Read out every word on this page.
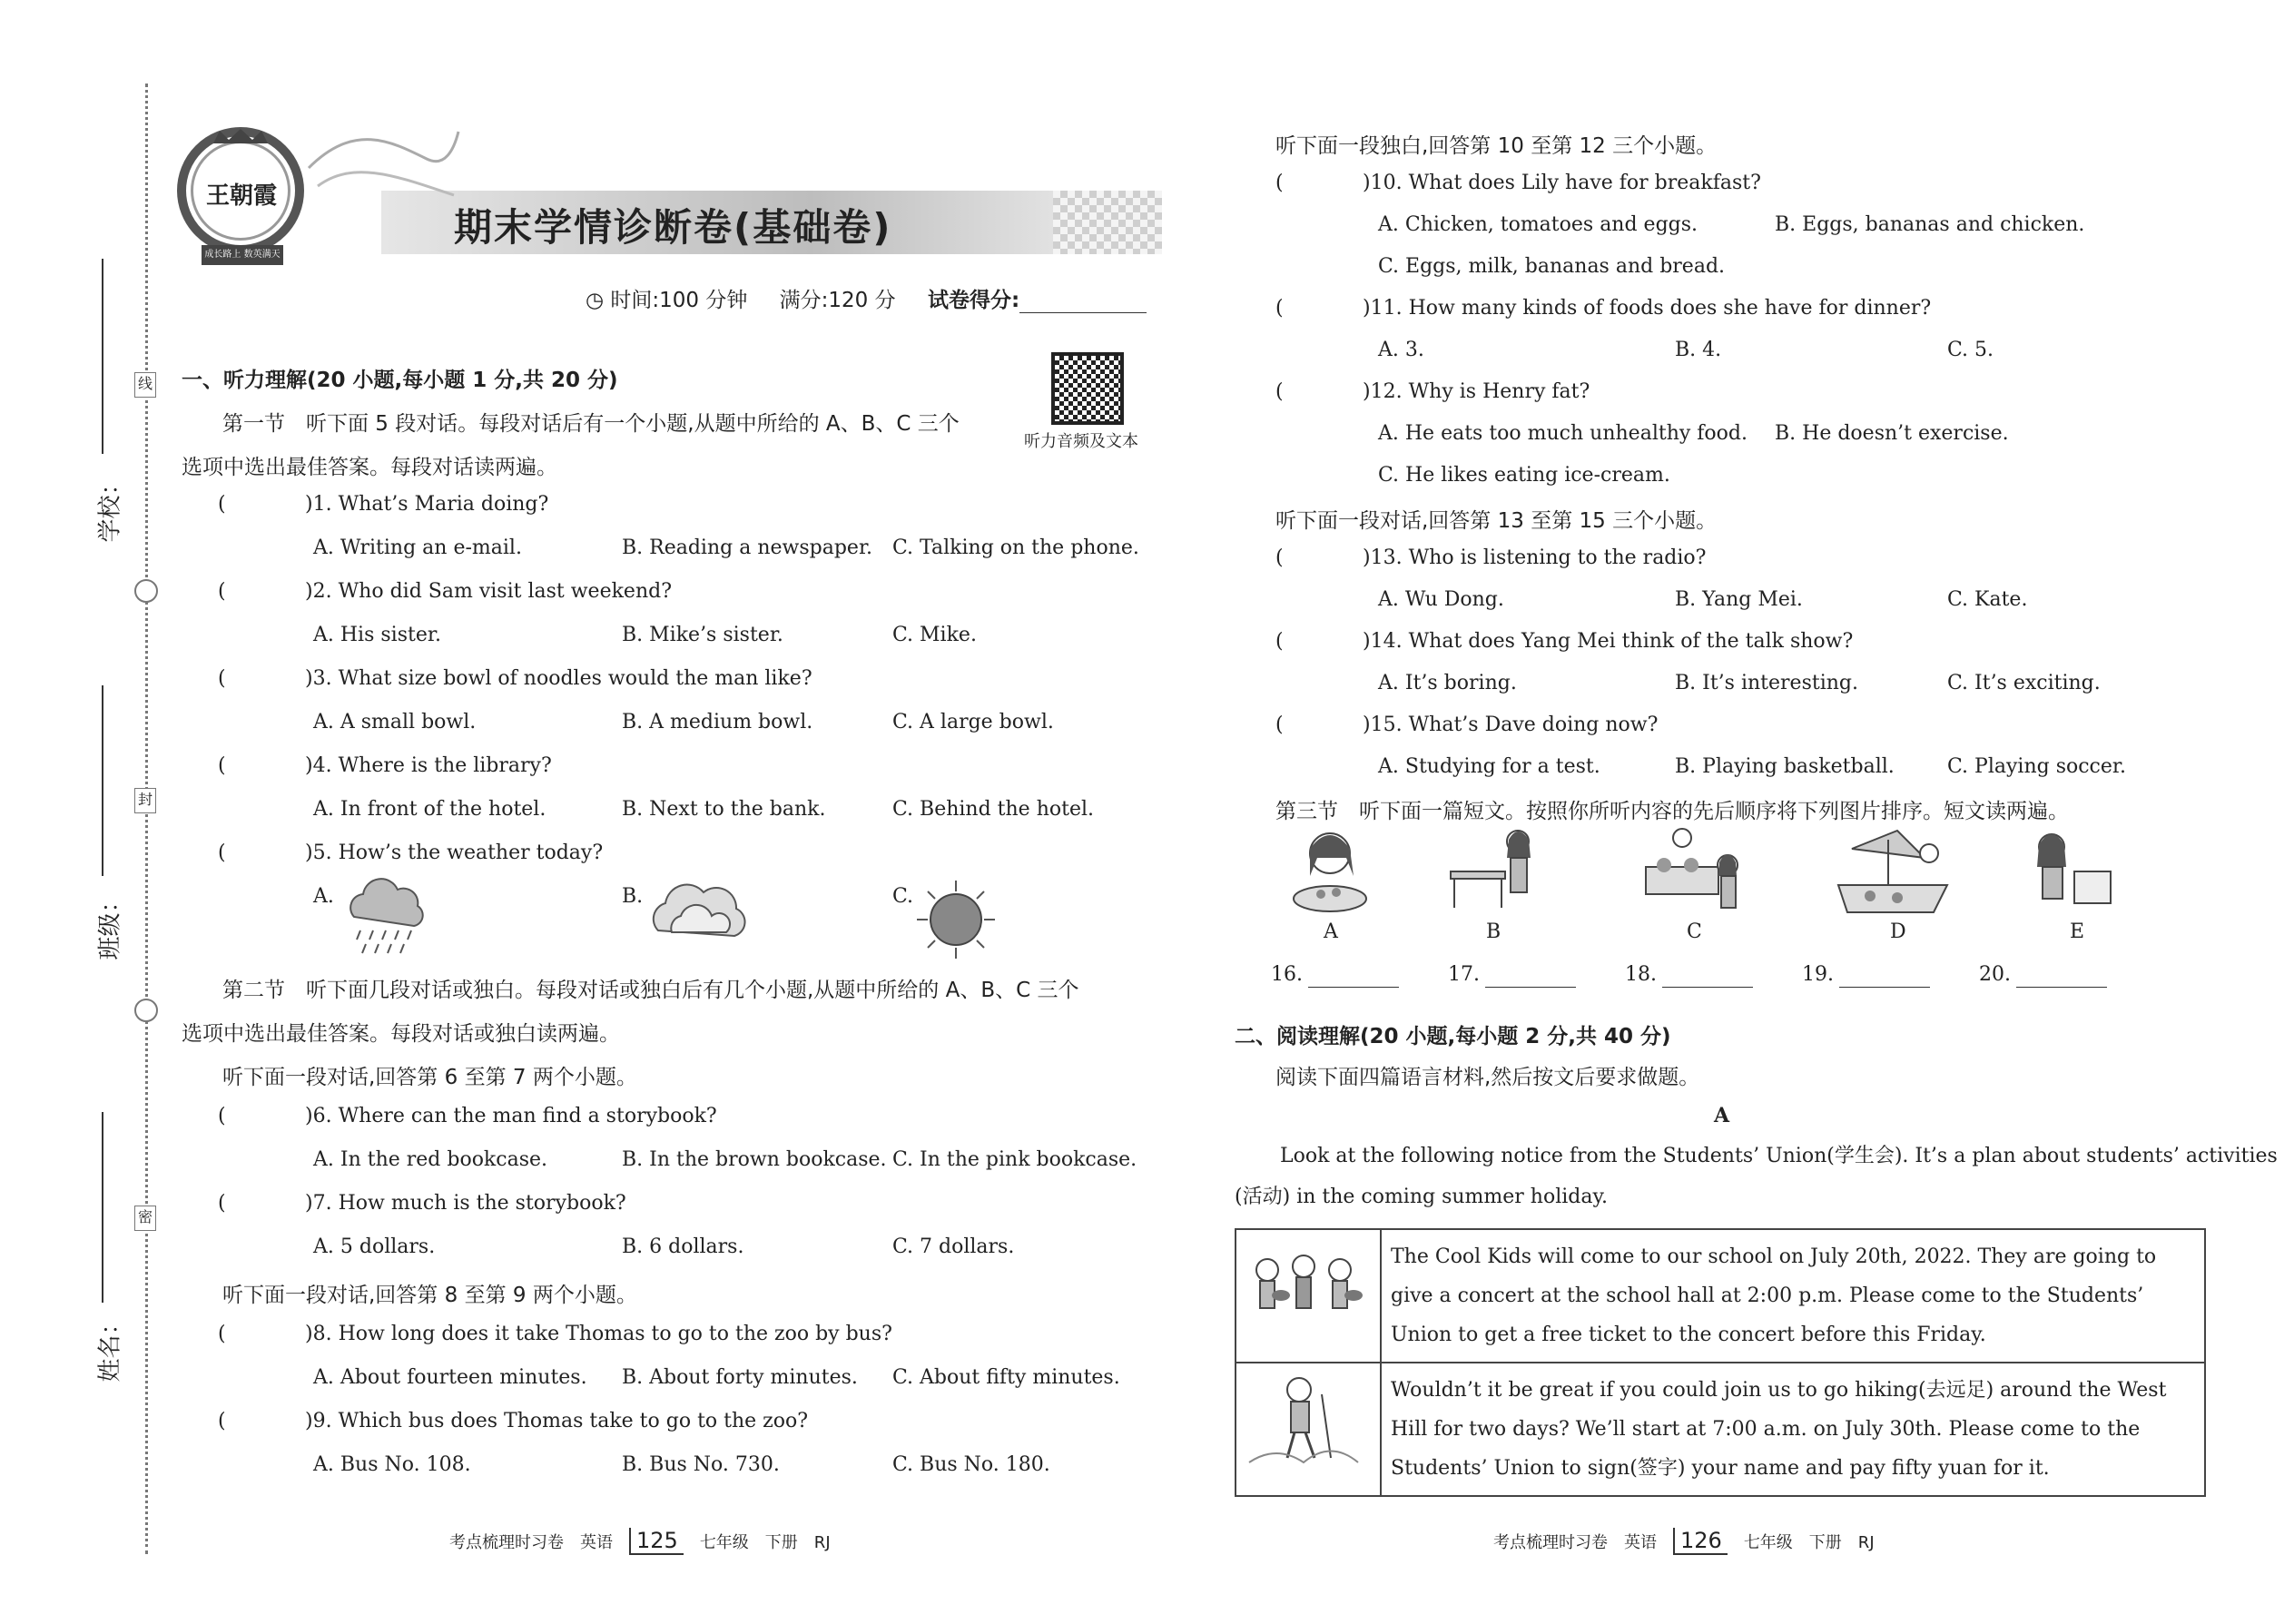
线
封
密
学校：
班级：
姓名：
王朝霞
成长路上 数英满天
期末学情诊断卷(基础卷)
◷ 时间:100 分钟 满分:120 分 试卷得分:
一、听力理解(20 小题,每小题 1 分,共 20 分)
听力音频及文本
第一节　听下面 5 段对话。每段对话后有一个小题,从题中所给的 A、B、C 三个
选项中选出最佳答案。每段对话读两遍。
(	)1. What’s Maria doing?
A. Writing an e-mail.	B. Reading a newspaper. C. Talking on the phone.
(	)2. Who did Sam visit last weekend?
A. His sister.	B. Mike’s sister.	C. Mike.
(	)3. What size bowl of noodles would the man like?
A. A small bowl.	B. A medium bowl.	C. A large bowl.
(	)4. Where is the library?
A. In front of the hotel.	B. Next to the bank.	C. Behind the hotel.
(	)5. How’s the weather today?
A.	B.	C.
第二节　听下面几段对话或独白。每段对话或独白后有几个小题,从题中所给的 A、B、C 三个
选项中选出最佳答案。每段对话或独白读两遍。
听下面一段对话,回答第 6 至第 7 两个小题。
(	)6. Where can the man find a storybook?
A. In the red bookcase.	B. In the brown bookcase. C. In the pink bookcase.
(	)7. How much is the storybook?
A. 5 dollars.	B. 6 dollars.	C. 7 dollars.
听下面一段对话,回答第 8 至第 9 两个小题。
(	)8. How long does it take Thomas to go to the zoo by bus?
A. About fourteen minutes. B. About forty minutes. C. About fifty minutes.
(	)9. Which bus does Thomas take to go to the zoo?
A. Bus No. 108.	B. Bus No. 730.	C. Bus No. 180.
考点梳理时习卷　英语 125 七年级　下册　RJ
听下面一段独白,回答第 10 至第 12 三个小题。
(	)10. What does Lily have for breakfast?
A. Chicken, tomatoes and eggs.	B. Eggs, bananas and chicken.
C. Eggs, milk, bananas and bread.
(	)11. How many kinds of foods does she have for dinner?
A. 3.	B. 4.	C. 5.
(	)12. Why is Henry fat?
A. He eats too much unhealthy food. B. He doesn’t exercise.
C. He likes eating ice-cream.
听下面一段对话,回答第 13 至第 15 三个小题。
(	)13. Who is listening to the radio?
A. Wu Dong.	B. Yang Mei.	C. Kate.
(	)14. What does Yang Mei think of the talk show?
A. It’s boring.	B. It’s interesting.	C. It’s exciting.
(	)15. What’s Dave doing now?
A. Studying for a test.	B. Playing basketball.	C. Playing soccer.
第三节　听下面一篇短文。按照你所听内容的先后顺序将下列图片排序。短文读两遍。
A	B	C	D	E
16.	17.	18.	19.	20.
二、阅读理解(20 小题,每小题 2 分,共 40 分)
阅读下面四篇语言材料,然后按文后要求做题。
A
Look at the following notice from the Students’ Union(学生会). It’s a plan about students’ activities
(活动) in the coming summer holiday.
	The Cool Kids will come to our school on July 20th, 2022. They are going to give a concert at the school hall at 2:00 p.m. Please come to the Students’ Union to get a free ticket to the concert before this Friday.
	Wouldn’t it be great if you could join us to go hiking(去远足) around the West Hill for two days? We’ll start at 7:00 a.m. on July 30th. Please come to the Students’ Union to sign(签字) your name and pay fifty yuan for it.
考点梳理时习卷　英语 126 七年级　下册　RJ
